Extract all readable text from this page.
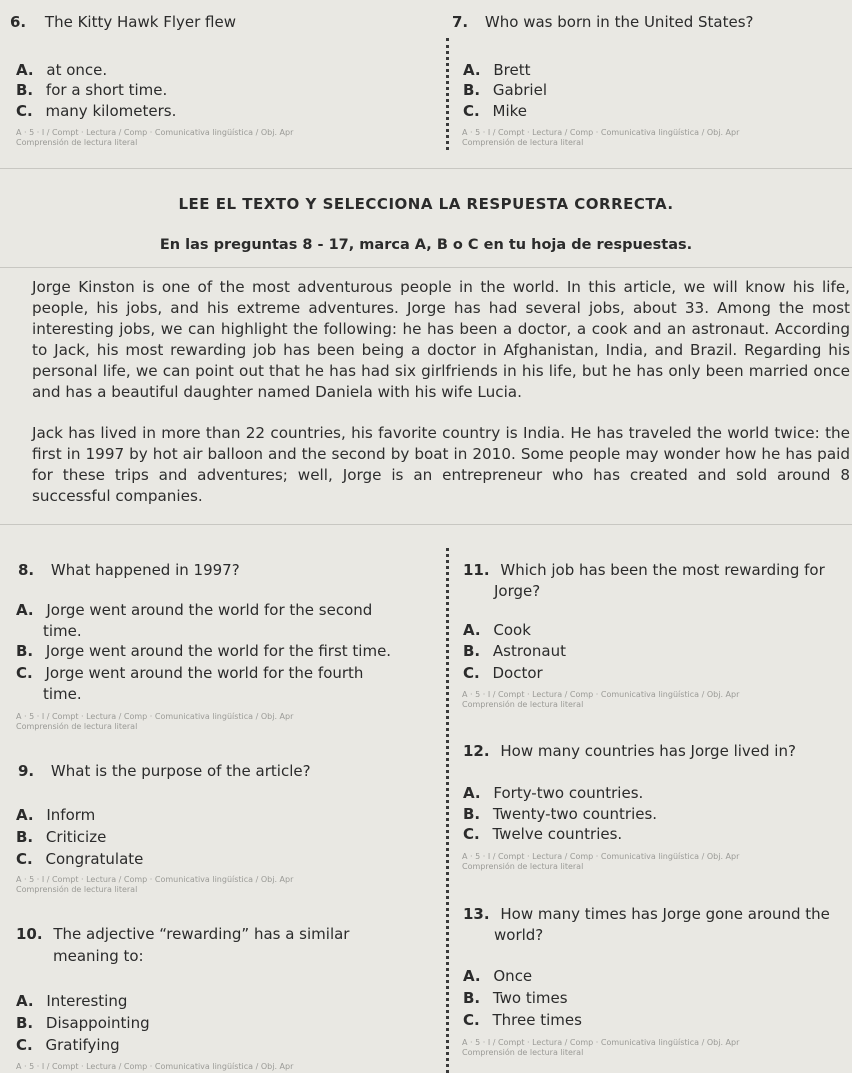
6. The Kitty Hawk Flyer flew
A. at once.
B. for a short time.
C. many kilometers.
A · 5 · I / Compt · Lectura / Comp · Comunicativa lingüística / Obj. Apr
Comprensión de lectura literal
7. Who was born in the United States?
A. Brett
B. Gabriel
C. Mike
A · 5 · I / Compt · Lectura / Comp · Comunicativa lingüística / Obj. Apr
Comprensión de lectura literal
LEE EL TEXTO Y SELECCIONA LA RESPUESTA CORRECTA.
En las preguntas 8 - 17, marca A, B o C en tu hoja de respuestas.

Jorge Kinston is one of the most adventurous people in the world. In this article, we will know his life, people, his jobs, and his extreme adventures. Jorge has had several jobs, about 33. Among the most interesting jobs, we can highlight the following: he has been a doctor, a cook and an astronaut. According to Jack, his most rewarding job has been being a doctor in Afghanistan, India, and Brazil. Regarding his personal life, we can point out that he has had six girlfriends in his life, but he has only been married once and has a beautiful daughter named Daniela with his wife Lucia.

Jack has lived in more than 22 countries, his favorite country is India. He has traveled the world twice: the first in 1997 by hot air balloon and the second by boat in 2010. Some people may wonder how he has paid for these trips and adventures; well, Jorge is an entrepreneur who has created and sold around 8 successful companies.

8. What happened in 1997?
A. Jorge went around the world for the second
time.
B. Jorge went around the world for the first time.
C. Jorge went around the world for the fourth
time.
A · 5 · I / Compt · Lectura / Comp · Comunicativa lingüística / Obj. Apr
Comprensión de lectura literal
9. What is the purpose of the article?
A. Inform
B. Criticize
C. Congratulate
A · 5 · I / Compt · Lectura / Comp · Comunicativa lingüística / Obj. Apr
Comprensión de lectura literal
10. The adjective “rewarding” has a similar
meaning to:
A. Interesting
B. Disappointing
C. Gratifying
A · 5 · I / Compt · Lectura / Comp · Comunicativa lingüística / Obj. Apr
11. Which job has been the most rewarding for
Jorge?
A. Cook
B. Astronaut
C. Doctor
A · 5 · I / Compt · Lectura / Comp · Comunicativa lingüística / Obj. Apr
Comprensión de lectura literal
12. How many countries has Jorge lived in?
A. Forty-two countries.
B. Twenty-two countries.
C. Twelve countries.
A · 5 · I / Compt · Lectura / Comp · Comunicativa lingüística / Obj. Apr
Comprensión de lectura literal
13. How many times has Jorge gone around the
world?
A. Once
B. Two times
C. Three times
A · 5 · I / Compt · Lectura / Comp · Comunicativa lingüística / Obj. Apr
Comprensión de lectura literal
